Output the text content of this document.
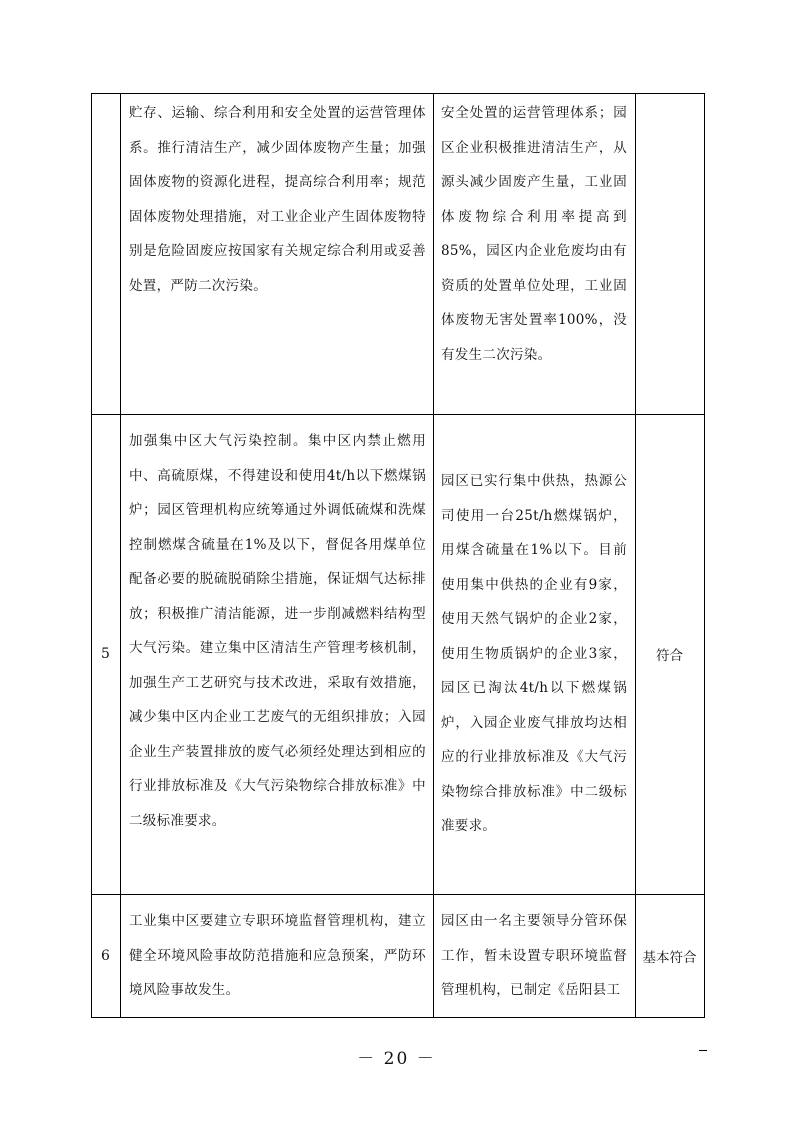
贮存、运输、综合利用和安全处置的运营管理体系。推行清洁生产，减少固体废物产生量；加强固体废物的资源化进程，提高综合利用率；规范固体废物处理措施，对工业企业产生固体废物特别是危险固废应按国家有关规定综合利用或妥善处置，严防二次污染。
安全处置的运营管理体系；园区企业积极推进清洁生产，从源头减少固废产生量，工业固体废物综合利用率提高到85%，园区内企业危废均由有资质的处置单位处理，工业固体废物无害处置率100%，没有发生二次污染。
5
加强集中区大气污染控制。集中区内禁止燃用中、高硫原煤，不得建设和使用4t/h以下燃煤锅炉；园区管理机构应统筹通过外调低硫煤和洗煤控制燃煤含硫量在1%及以下，督促各用煤单位配备必要的脱硫脱硝除尘措施，保证烟气达标排放；积极推广清洁能源，进一步削减燃料结构型大气污染。建立集中区清洁生产管理考核机制，加强生产工艺研究与技术改进，采取有效措施，减少集中区内企业工艺废气的无组织排放；入园企业生产装置排放的废气必须经处理达到相应的行业排放标准及《大气污染物综合排放标准》中二级标准要求。
园区已实行集中供热，热源公司使用一台25t/h燃煤锅炉，用煤含硫量在1%以下。目前使用集中供热的企业有9家，使用天然气锅炉的企业2家，使用生物质锅炉的企业3家，园区已淘汰4t/h以下燃煤锅炉，入园企业废气排放均达相应的行业排放标准及《大气污染物综合排放标准》中二级标准要求。
符合
6
工业集中区要建立专职环境监督管理机构，建立健全环境风险事故防范措施和应急预案，严防环境风险事故发生。
园区由一名主要领导分管环保工作，暂未设置专职环境监督管理机构，已制定《岳阳县工
基本符合
－ 20 －
